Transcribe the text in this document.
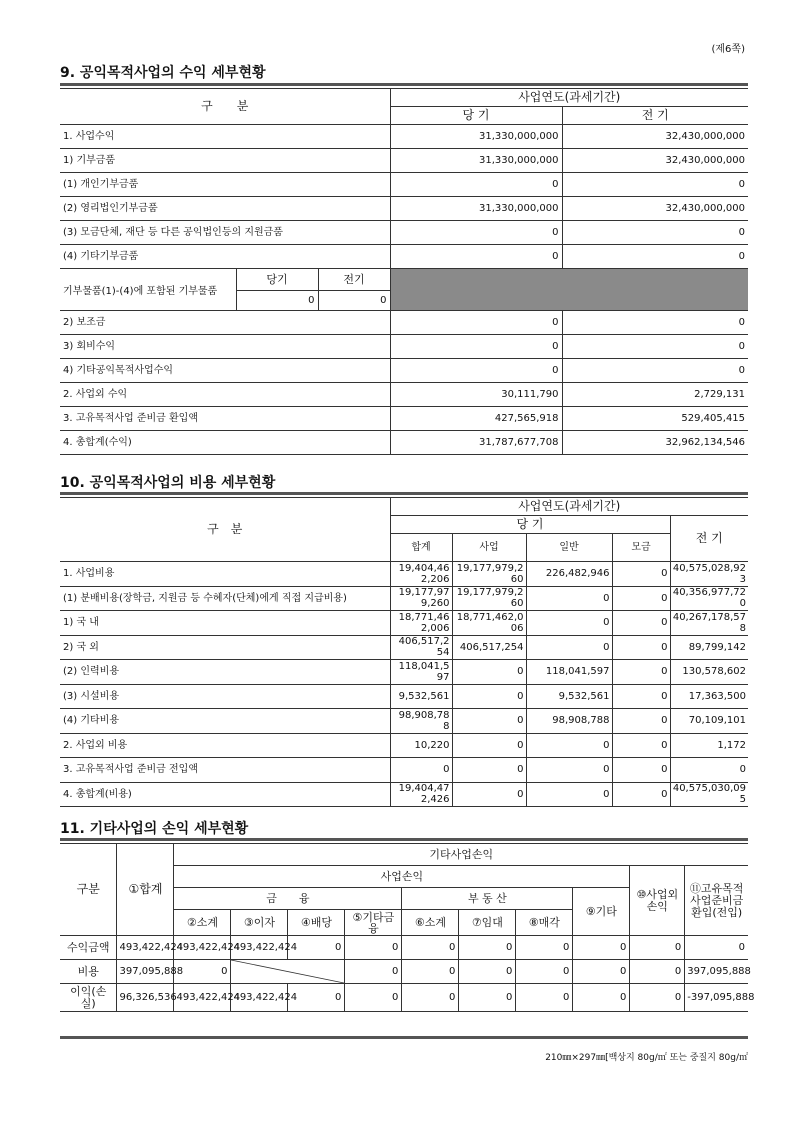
(제6쪽)
9. 공익목적사업의 수익 세부현황
구　　분			사업연도(과세기간)	
			당 기	전 기
1. 사업수익			31,330,000,000	32,430,000,000
1) 기부금품			31,330,000,000	32,430,000,000
(1) 개인기부금품			0	0
(2) 영리법인기부금품			31,330,000,000	32,430,000,000
(3) 모금단체, 재단 등 다른 공익법인등의 지원금품			0	0
(4) 기타기부금품			0	0
기부물품(1)-(4)에 포함된 기부물품	당기	전기		
	0	0		
2) 보조금			0	0
3) 회비수익			0	0
4) 기타공익목적사업수익			0	0
2. 사업외 수익			30,111,790	2,729,131
3. 고유목적사업 준비금 환입액			427,565,918	529,405,415
4. 총합계(수익)			31,787,677,708	32,962,134,546
10. 공익목적사업의 비용 세부현황
구　분	사업연도(과세기간)				
	당 기				전 기
	합계	사업	일반	모금	
1. 사업비용	19,404,462,206	19,177,979,260	226,482,946	0	40,575,028,923
(1) 분배비용(장학금, 지원금 등 수혜자(단체)에게 직접 지급비용)	19,177,979,260	19,177,979,260	0	0	40,356,977,720
1) 국 내	18,771,462,006	18,771,462,006	0	0	40,267,178,578
2) 국 외	406,517,254	406,517,254	0	0	89,799,142
(2) 인력비용	118,041,597	0	118,041,597	0	130,578,602
(3) 시설비용	9,532,561	0	9,532,561	0	17,363,500
(4) 기타비용	98,908,788	0	98,908,788	0	70,109,101
2. 사업외 비용	10,220	0	0	0	1,172
3. 고유목적사업 준비금 전입액	0	0	0	0	0
4. 총합계(비용)	19,404,472,426	0	0	0	40,575,030,095
11. 기타사업의 손익 세부현황
구분	①합계	기타사업손익									
		사업손익								⑩사업외손익	⑪고유목적사업준비금환입(전입)
		금　　융				부 동 산			⑨기타		
		②소계	③이자	④배당	⑤기타금융	⑥소계	⑦임대	⑧매각			
수익금액	493,422,424	493,422,424	493,422,424	0	0	0	0	0	0	0	0
비용	397,095,888	0			0	0	0	0	0	0	397,095,888
이익(손실)	96,326,536	493,422,424	493,422,424	0	0	0	0	0	0	0	-397,095,888
210㎜×297㎜[백상지 80g/㎡ 또는 중질지 80g/㎡
